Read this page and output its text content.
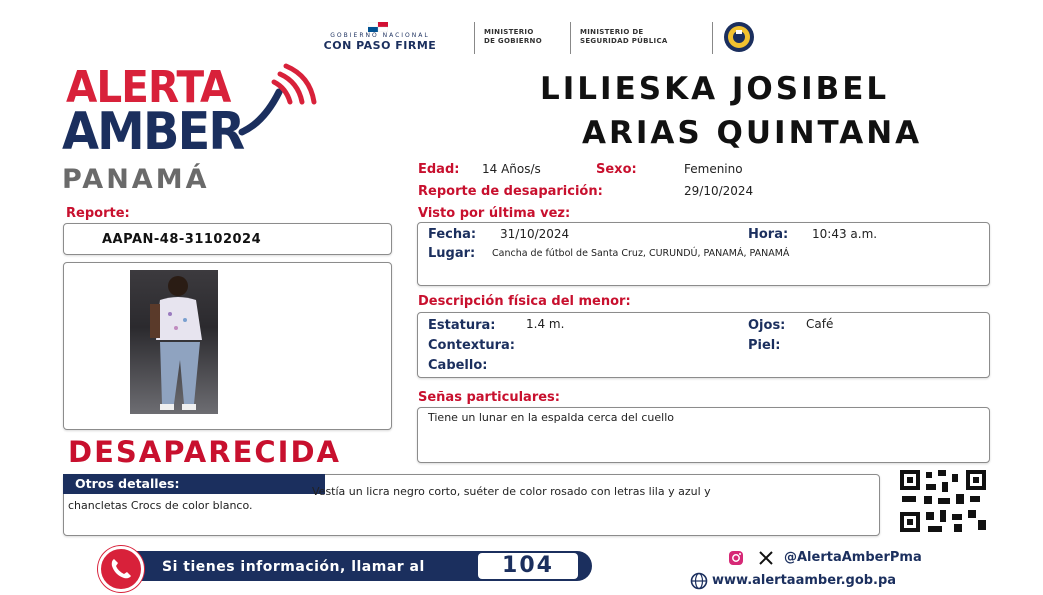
GOBIERNO NACIONAL
CON PASO FIRME
MINISTERIO
DE GOBIERNO
MINISTERIO DE
SEGURIDAD PÚBLICA
ALERTA
AMBER
PANAMÁ
LILIESKA JOSIBEL
ARIAS QUINTANA
Edad: 14 Años/s	Sexo:	Femenino
Reporte de desaparición:	29/10/2024
Visto por última vez:
Fecha: 31/10/2024	Hora: 10:43 a.m.
Lugar: Cancha de fútbol de Santa Cruz, CURUNDÚ, PANAMÁ, PANAMÁ
Reporte:
AAPAN-48-31102024
Descripción física del menor:
Estatura:	1.4 m.	Ojos: Café
Contextura:	Piel:
Cabello:
Señas particulares:
Tiene un lunar en la espalda cerca del cuello
DESAPARECIDA
Otros detalles:
Vestía un licra negro corto, suéter de color rosado con letras lila y azul y
chancletas Crocs de color blanco.
Si tienes información, llamar al	104	@AlertaAmberPma
www.alertaamber.gob.pa
